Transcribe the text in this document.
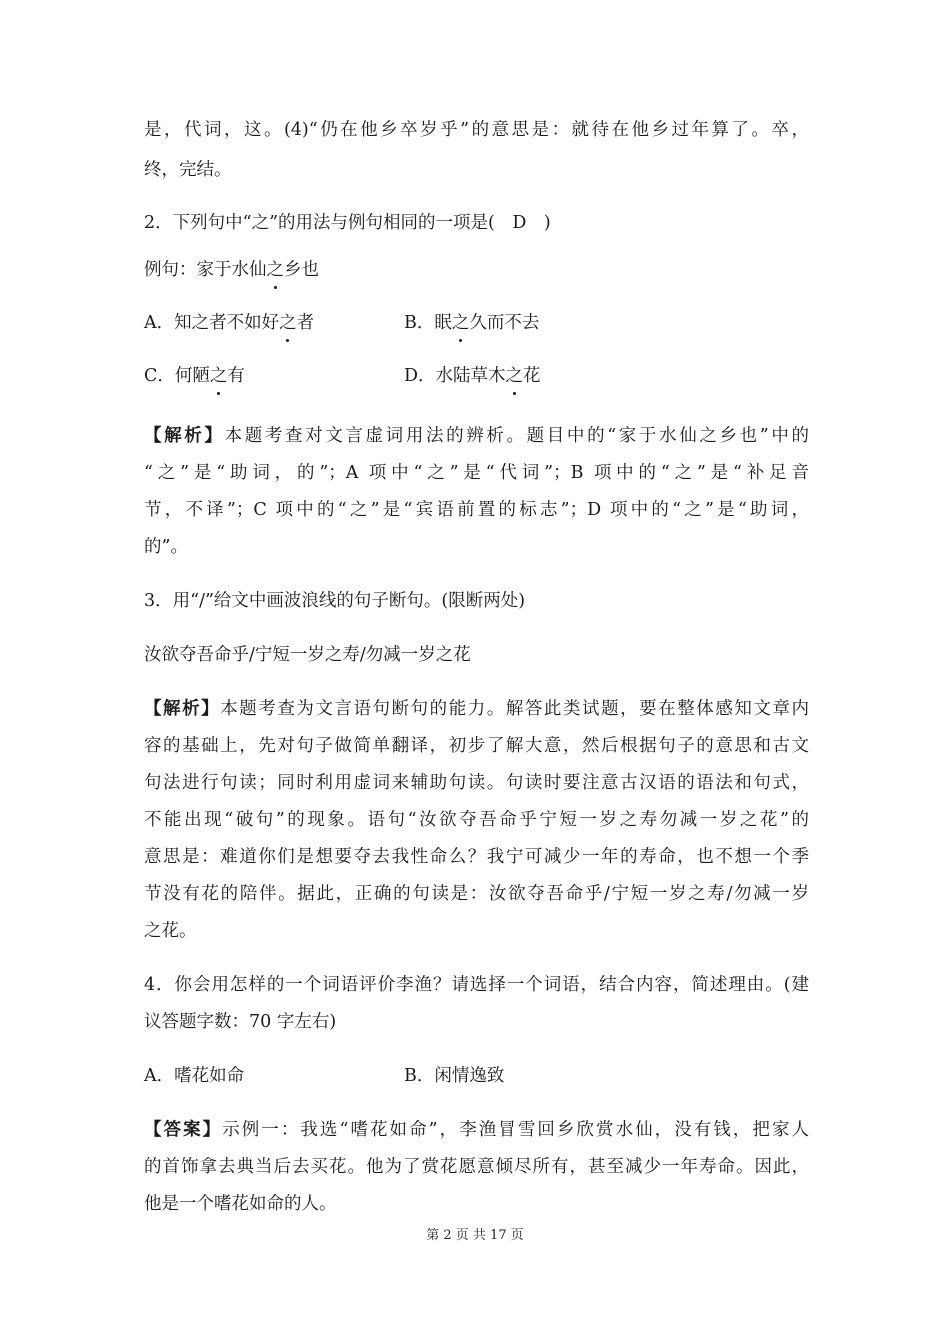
是，代词，这。(4)“仍在他乡卒岁乎”的意思是：就待在他乡过年算了。卒，
终，完结。
2．下列句中“之”的用法与例句相同的一项是(　D　)
例句：家于水仙之乡也
A．知之者不如好之者	B．眠之久而不去
C．何陋之有	D．水陆草木之花
【解析】本题考查对文言虚词用法的辨析。题目中的“家于水仙之乡也”中的
“之”是“助词，的”；A 项中“之”是“代词”；B 项中的“之”是“补足音
节，不译”；C 项中的“之”是“宾语前置的标志”；D 项中的“之”是“助词，
的”。
3．用“/”给文中画波浪线的句子断句。(限断两处)
汝欲夺吾命乎/宁短一岁之寿/勿减一岁之花
【解析】本题考查为文言语句断句的能力。解答此类试题，要在整体感知文章内
容的基础上，先对句子做简单翻译，初步了解大意，然后根据句子的意思和古文
句法进行句读；同时利用虚词来辅助句读。句读时要注意古汉语的语法和句式，
不能出现“破句”的现象。语句“汝欲夺吾命乎宁短一岁之寿勿减一岁之花”的
意思是：难道你们是想要夺去我性命么？我宁可减少一年的寿命，也不想一个季
节没有花的陪伴。据此，正确的句读是：汝欲夺吾命乎/宁短一岁之寿/勿减一岁
之花。
4．你会用怎样的一个词语评价李渔？请选择一个词语，结合内容，简述理由。(建
议答题字数：70 字左右)
A．嗜花如命	B．闲情逸致
【答案】示例一：我选“嗜花如命”，李渔冒雪回乡欣赏水仙，没有钱，把家人
的首饰拿去典当后去买花。他为了赏花愿意倾尽所有，甚至减少一年寿命。因此，
他是一个嗜花如命的人。
第 2 页 共 17 页
